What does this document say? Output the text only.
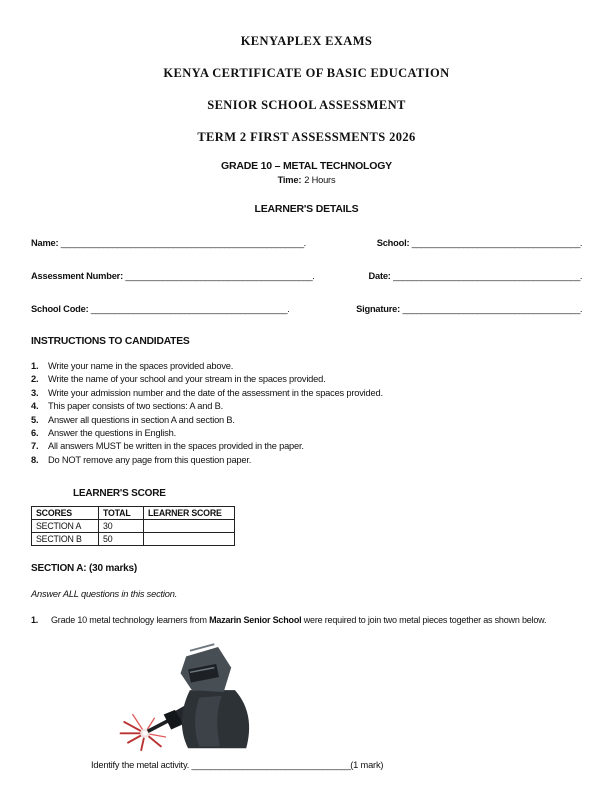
KENYAPLEX EXAMS
KENYA CERTIFICATE OF BASIC EDUCATION
SENIOR SCHOOL ASSESSMENT
TERM 2 FIRST ASSESSMENTS 2026
GRADE 10 – METAL TECHNOLOGY
Time: 2 Hours
LEARNER'S DETAILS
Name: ____________________________________________________.	School: ____________________________________.
Assessment Number: ________________________________________.	Date: ________________________________________.
School Code: __________________________________________.	Signature: ______________________________________.
INSTRUCTIONS TO CANDIDATES
1.	Write your name in the spaces provided above.
2.	Write the name of your school and your stream in the spaces provided.
3.	Write your admission number and the date of the assessment in the spaces provided.
4.	This paper consists of two sections: A and B.
5.	Answer all questions in section A and section B.
6.	Answer the questions in English.
7.	All answers MUST be written in the spaces provided in the paper.
8.	Do NOT remove any page from this question paper.
LEARNER'S SCORE
SCORES	TOTAL	LEARNER SCORE
SECTION A	30	
SECTION B	50	
SECTION A: (30 marks)
Answer ALL questions in this section.
1.	Grade 10 metal technology learners from Mazarin Senior School were required to join two metal pieces together as shown below.
Identify the metal activity. __________________________________(1 mark)
